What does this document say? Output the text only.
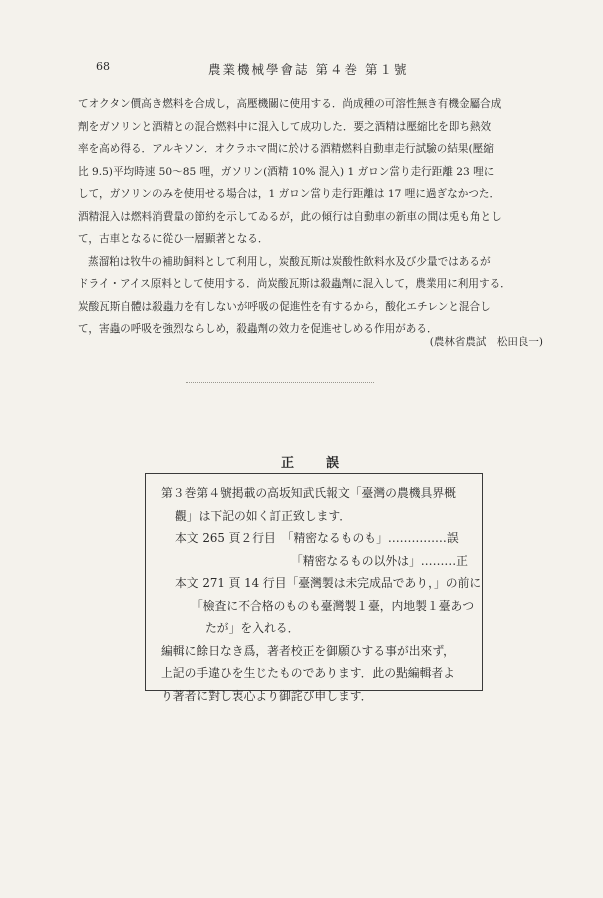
68	農業機械學會誌 第４巻 第１號
てオクタン價高き燃料を合成し，高壓機關に使用する．尚成種の可溶性無き有機金屬合成
劑をガソリンと酒精との混合燃料中に混入して成功した．要之酒精は壓縮比を即ち熱效
率を高め得る．アルキソン．オクラホマ間に於ける酒精燃料自動車走行試驗の結果(壓縮
比 9.5)平均時速 50〜85 哩，ガソリン(酒精 10% 混入) 1 ガロン當り走行距離 23 哩に
して，ガソリンのみを使用せる場合は，1 ガロン當り走行距離は 17 哩に過ぎなかつた．
酒精混入は燃料消費量の節約を示してゐるが，此の傾行は自動車の新車の間は兎も角とし
て，古車となるに從ひ一層顯著となる．
蒸溜粕は牧牛の補助飼料として利用し，炭酸瓦斯は炭酸性飲料水及び少量ではあるが
ドライ・アイス原料として使用する．尚炭酸瓦斯は殺蟲劑に混入して，農業用に利用する．
炭酸瓦斯自體は殺蟲力を有しないが呼吸の促進性を有するから，酸化エチレンと混合し
て，害蟲の呼吸を強烈ならしめ，殺蟲劑の效力を促進せしめる作用がある．
(農林省農試　松田良一)
正誤
第３巻第４號掲載の高坂知武氏報文「臺灣の農機具界概
觀」は下記の如く訂正致します．
本文 265 頁２行目　「精密なるものも」……………誤
「精密なるもの以外は」………正
本文 271 頁 14 行目「臺灣製は未完成品であり，」の前に
「檢査に不合格のものも臺灣製１臺，内地製１臺あつ
たが」を入れる．
編輯に餘日なき爲，著者校正を御願ひする事が出來ず，
上記の手違ひを生じたものであります．此の點編輯者よ
り著者に對し衷心より御詫び申します．
